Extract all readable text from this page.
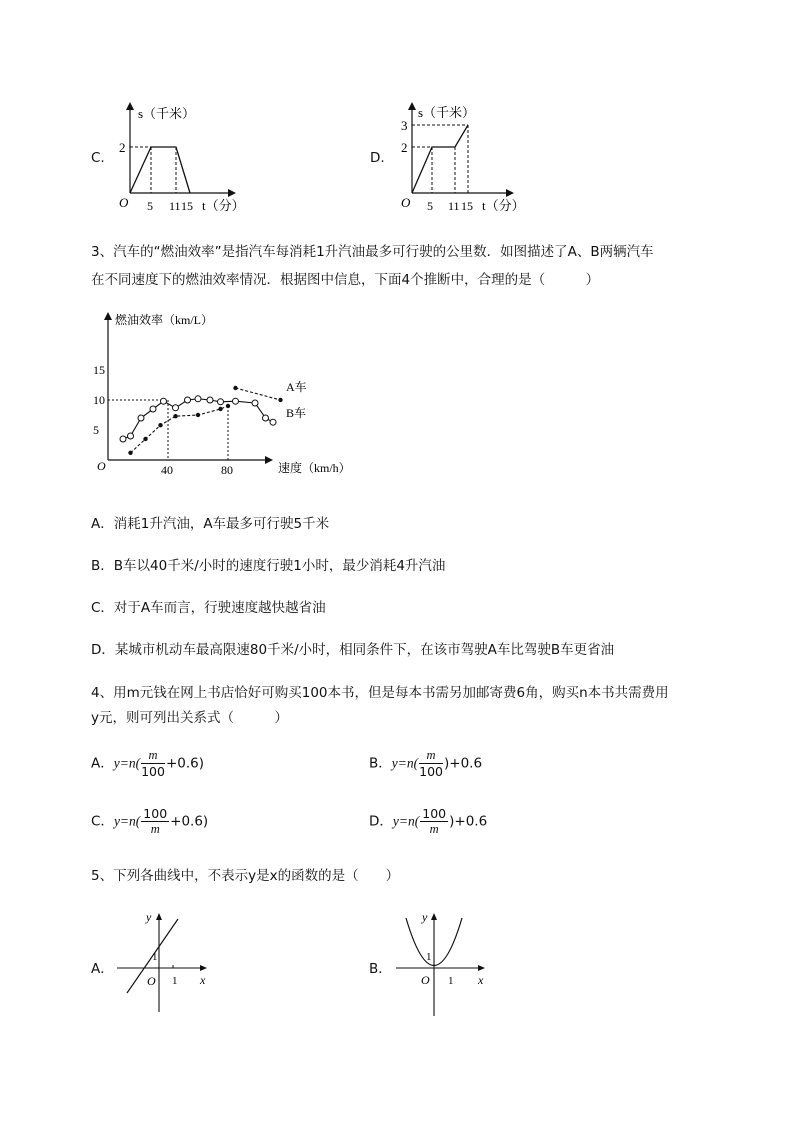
C.
s（千米）
O
2
5 11 15 t（分）
D.
s（千米）
O
2
3
5 11 15 t（分）
3、汽车的“燃油效率”是指汽车每消耗1升汽油最多可行驶的公里数．如图描述了A、B两辆汽车
在不同速度下的燃油效率情况．根据图中信息，下面4个推断中，合理的是（　　　）
燃油效率（km/L）
速度（km/h）
O
5
10
15
40	80
A车
B车
A．消耗1升汽油，A车最多可行驶5千米
B．B车以40千米/小时的速度行驶1小时，最少消耗4升汽油
C．对于A车而言，行驶速度越快越省油
D．某城市机动车最高限速80千米/小时，相同条件下，在该市驾驶A车比驾驶B车更省油
4、用m元钱在网上书店恰好可购买100本书，但是每本书需另加邮寄费6角，购买n本书共需费用
y元，则可列出关系式（　　　）
A．$y=n( \frac{m}{100} +0.6)$	B．$y=n( \frac{m}{100} )+0.6$
C．$y=n( \frac{100}{m} +0.6)$	D．$y=n( \frac{100}{m} )+0.6$
5、下列各曲线中，不表示y是x的函数的是（　　）
A．
y
x
O
1
1
B．
y
x
O
1
1
